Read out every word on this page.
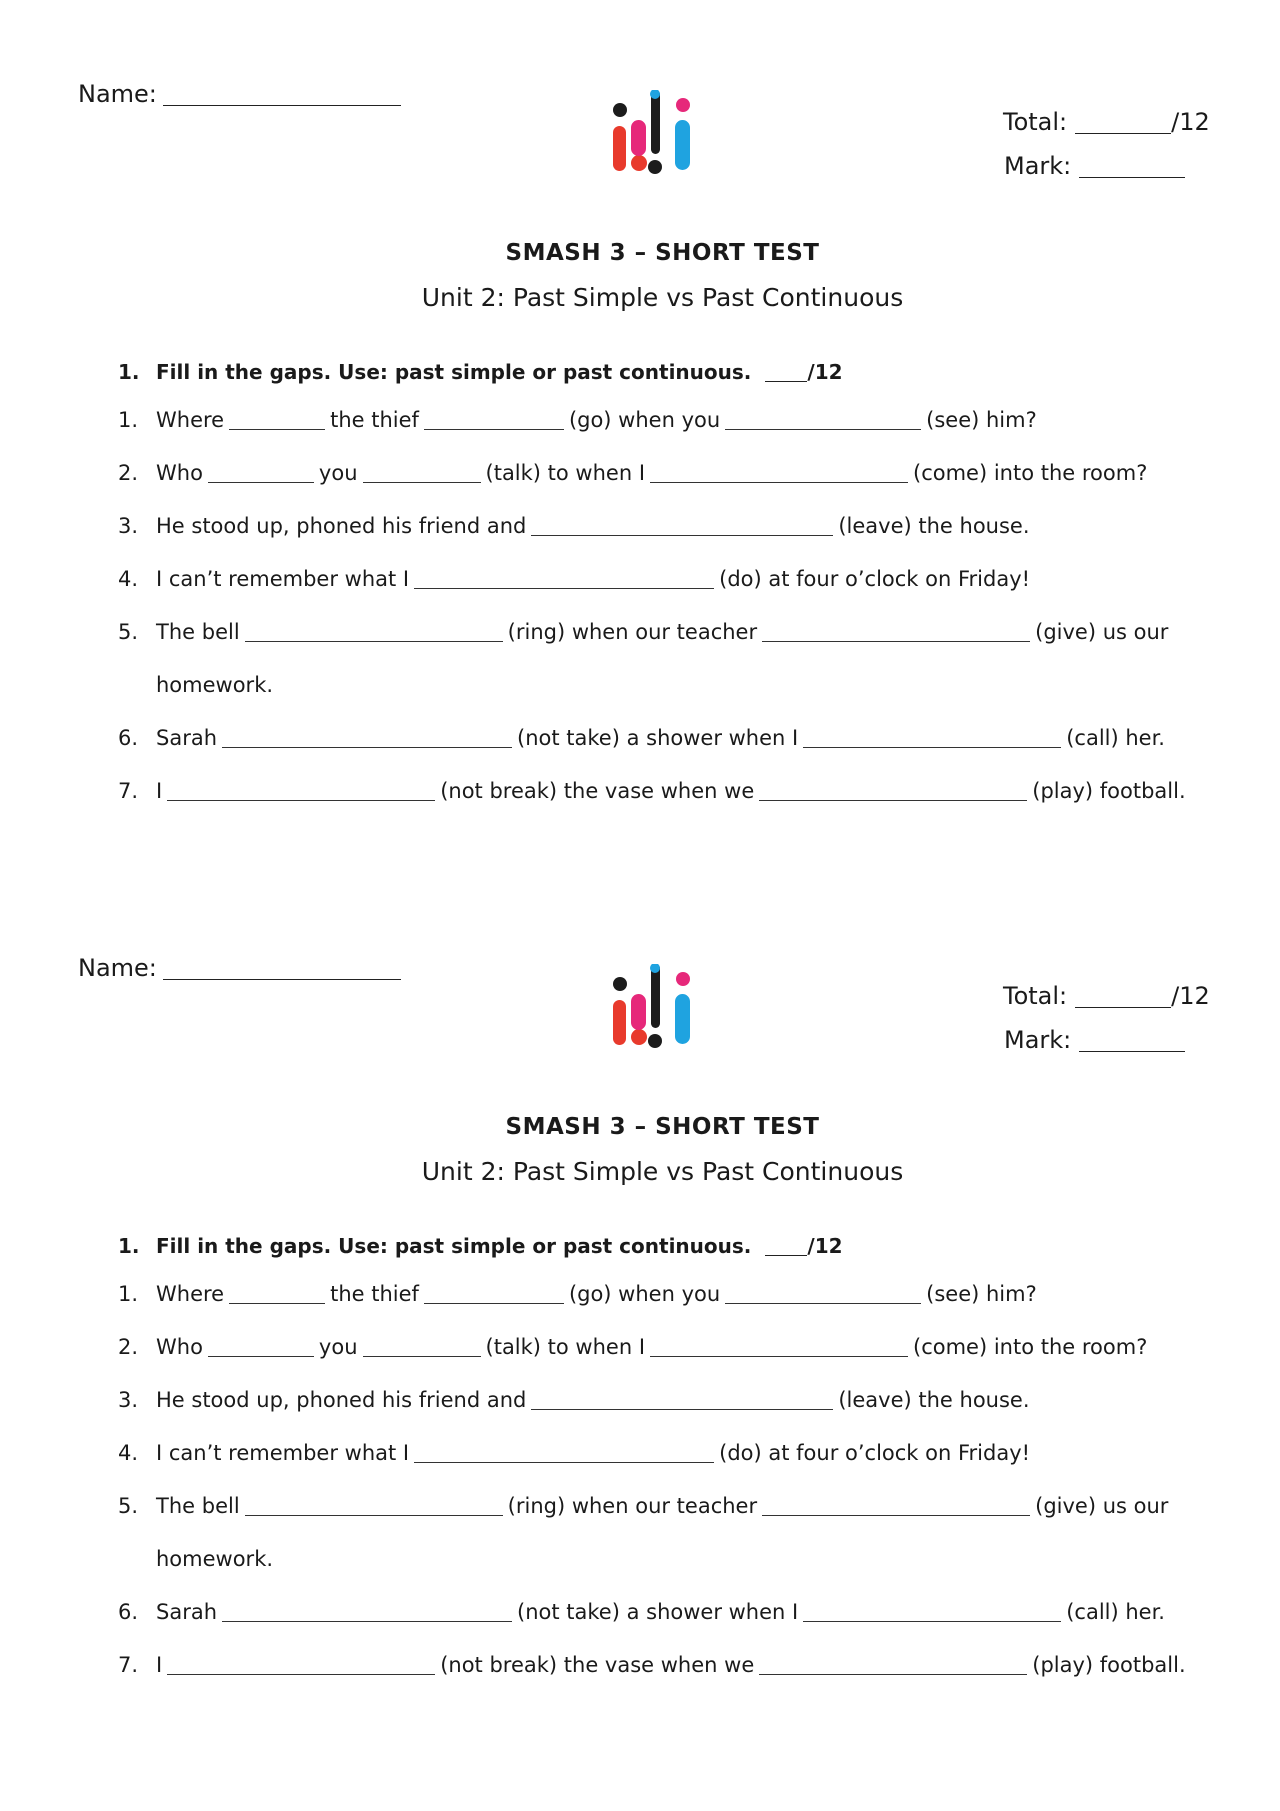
Name:
Total:	/12
Mark:
SMASH 3 – SHORT TEST
Unit 2: Past Simple vs Past Continuous
1. Fill in the gaps. Use: past simple or past continuous.	/12
1. Where	the thief	(go) when you	(see) him?
2. Who	you	(talk) to when I	(come) into the room?
3. He stood up, phoned his friend and	(leave) the house.
4. I can’t remember what I	(do) at four o’clock on Friday!
5. The bell	(ring) when our teacher	(give) us our
homework.
6. Sarah	(not take) a shower when I	(call) her.
7. I	(not break) the vase when we	(play) football.
Name:
Total:	/12
Mark:
SMASH 3 – SHORT TEST
Unit 2: Past Simple vs Past Continuous
1. Fill in the gaps. Use: past simple or past continuous.	/12
1. Where	the thief	(go) when you	(see) him?
2. Who	you	(talk) to when I	(come) into the room?
3. He stood up, phoned his friend and	(leave) the house.
4. I can’t remember what I	(do) at four o’clock on Friday!
5. The bell	(ring) when our teacher	(give) us our
homework.
6. Sarah	(not take) a shower when I	(call) her.
7. I	(not break) the vase when we	(play) football.
